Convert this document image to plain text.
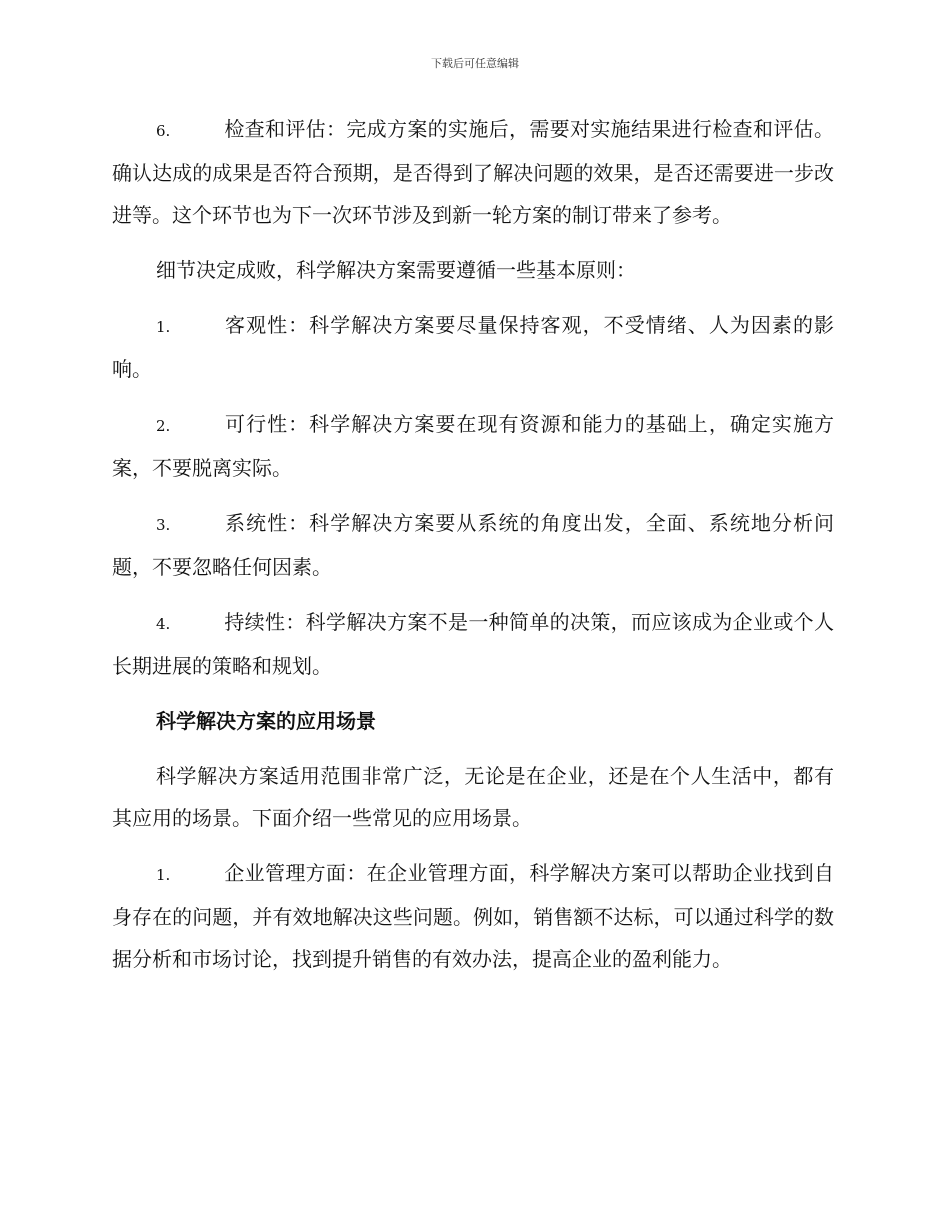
下载后可任意编辑

6.	检查和评估：完成方案的实施后，需要对实施结果进行检查和评估。确认达成的成果是否符合预期，是否得到了解决问题的效果，是否还需要进一步改进等。这个环节也为下一次环节涉及到新一轮方案的制订带来了参考。

细节决定成败，科学解决方案需要遵循一些基本原则：

1.	客观性：科学解决方案要尽量保持客观，不受情绪、人为因素的影响。

2.	可行性：科学解决方案要在现有资源和能力的基础上，确定实施方案，不要脱离实际。

3.	系统性：科学解决方案要从系统的角度出发，全面、系统地分析问题，不要忽略任何因素。

4.	持续性：科学解决方案不是一种简单的决策，而应该成为企业或个人长期进展的策略和规划。

科学解决方案的应用场景

科学解决方案适用范围非常广泛，无论是在企业，还是在个人生活中，都有其应用的场景。下面介绍一些常见的应用场景。

1.	企业管理方面：在企业管理方面，科学解决方案可以帮助企业找到自身存在的问题，并有效地解决这些问题。例如，销售额不达标，可以通过科学的数据分析和市场讨论，找到提升销售的有效办法，提高企业的盈利能力。
